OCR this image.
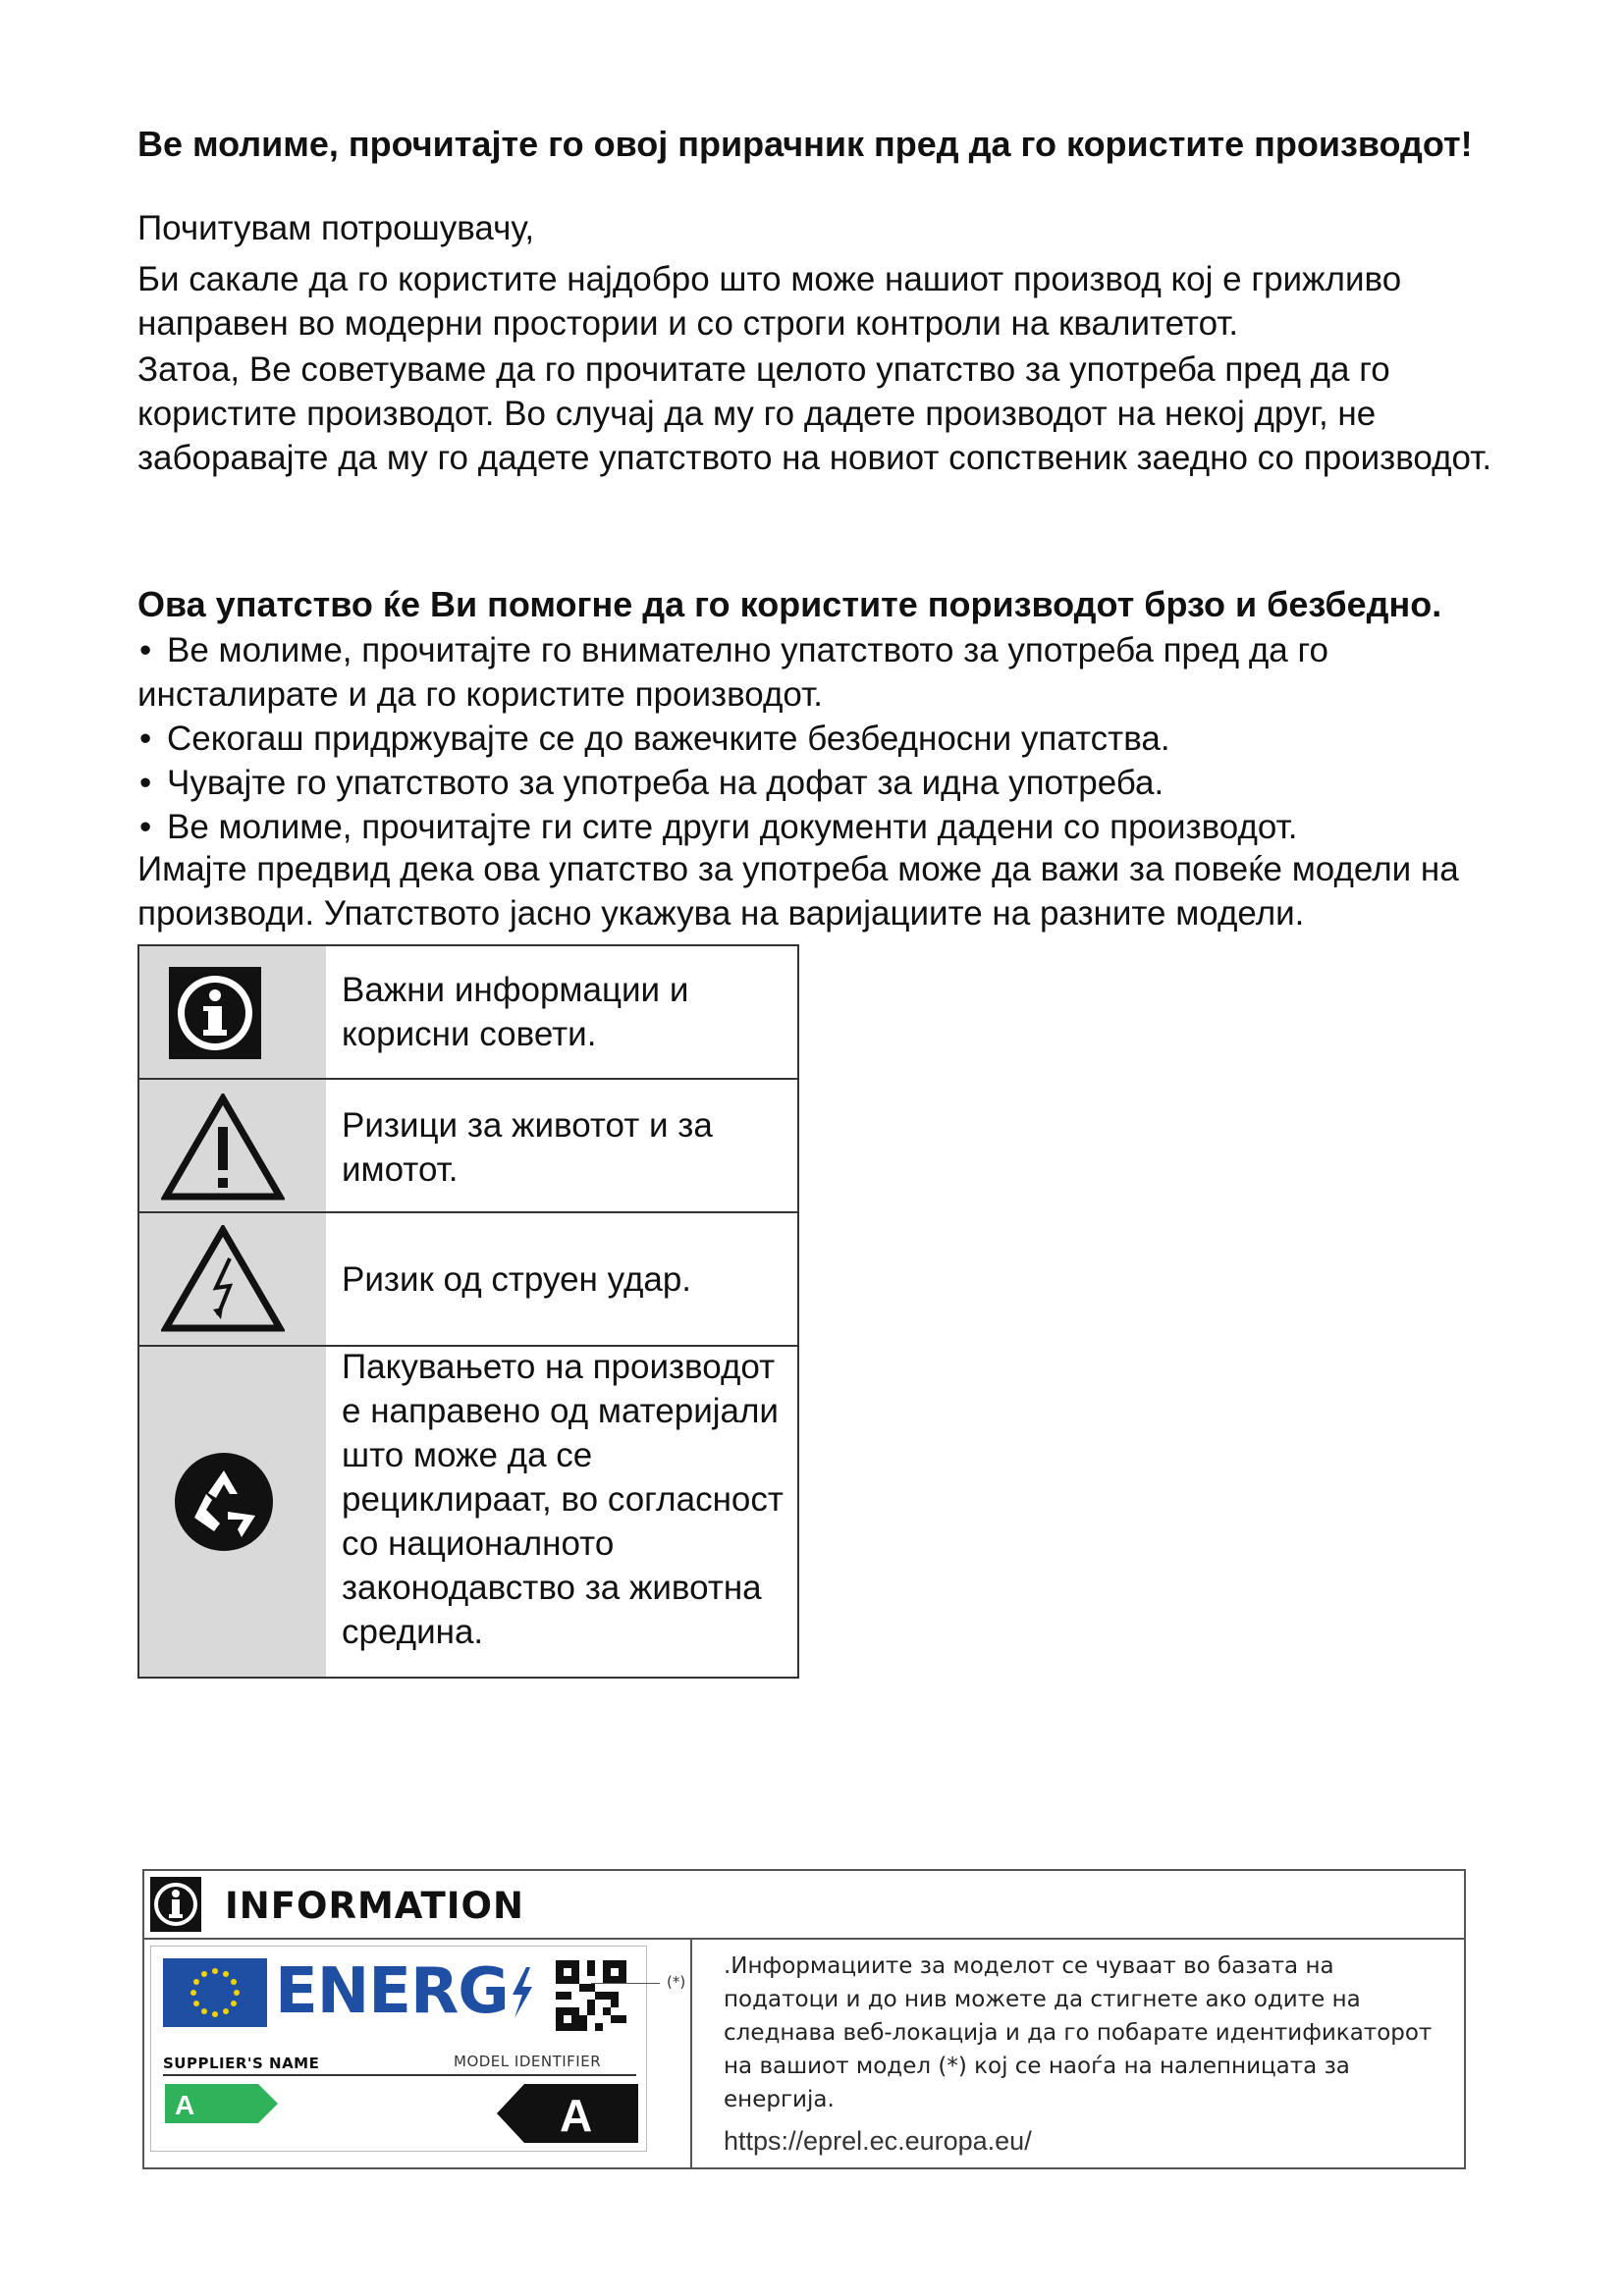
Ве молиме, прочитајте го овој прирачник пред да го користите производот!

Почитувам потрошувачу,

Би сакале да го користите најдобро што може нашиот производ кој е грижливо направен во модерни простории и со строги контроли на квалитетот.

Затоа, Ве советуваме да го прочитате целото упатство за употреба пред да го користите производот. Во случај да му го дадете производот на некој друг, не заборавајте да му го дадете упатството на новиот сопственик заедно со производот.

Ова упатство ќе Ви помогне да го користите пoризводот брзо и безбедно.

• Ве молиме, прочитајте го внимателно упатството за употреба пред да го инсталирате и да го користите производот.
• Секогаш придржувајте се до важечките безбедносни упатства.
• Чувајте го упатството за употреба на дофат за идна употреба.
• Ве молиме, прочитајте ги сите други документи дадени со производот.

Имајте предвид дека ова упатство за употреба може да важи за повеќе модели на производи. Упатството јасно укажува на варијациите на разните модели.

Важни информации и корисни совети.
Ризици за животот и за имотот.
Ризик од струен удар.
Пакувањето на производот е направено од материјали што може да се рециклираат, во согласност со националното законодавство за животна средина.
INFORMATION
ENERG
SUPPLIER'S NAME	MODEL IDENTIFIER
A	A
(*)
.Информациите за моделот се чуваат во базата на податоци и до нив можете да стигнете ако одите на следнава веб-локација и да го побарате идентификаторот на вашиот модел (*) кој се наоѓа на налепницата за енергија.
https://eprel.ec.europa.eu/
